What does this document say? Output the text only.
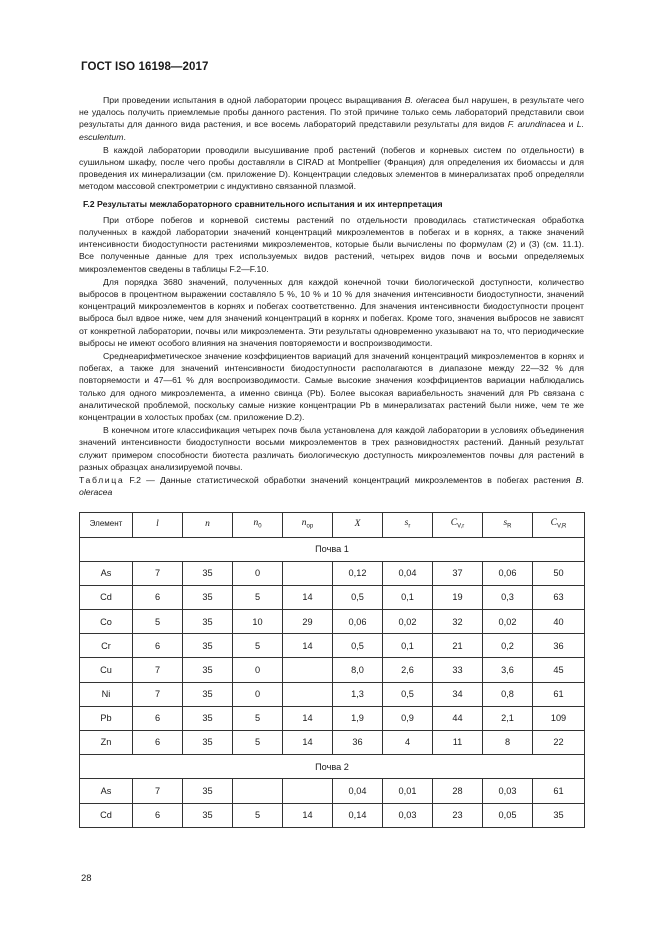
ГОСТ ISO 16198—2017

При проведении испытания в одной лаборатории процесс выращивания B. oleracea был нарушен, в результате чего не удалось получить приемлемые пробы данного растения. По этой причине только семь лабораторий представили свои результаты для данного вида растения, и все восемь лабораторий представили результаты для видов F. arundinacea и L. esculentum.

В каждой лаборатории проводили высушивание проб растений (побегов и корневых систем по отдельности) в сушильном шкафу, после чего пробы доставляли в CIRAD at Montpellier (Франция) для определения их биомассы и для проведения их минерализации (см. приложение D). Концентрации следовых элементов в минерализатах проб определяли методом массовой спектрометрии с индуктивно связанной плазмой.

F.2 Результаты межлабораторного сравнительного испытания и их интерпретация

При отборе побегов и корневой системы растений по отдельности проводилась статистическая обработка полученных в каждой лаборатории значений концентраций микроэлементов в побегах и в корнях, а также значений интенсивности биодоступности растениями микроэлементов, которые были вычислены по формулам (2) и (3) (см. 11.1). Все полученные данные для трех используемых видов растений, четырех видов почв и восьми определяемых микроэлементов сведены в таблицы F.2—F.10.

Для порядка 3680 значений, полученных для каждой конечной точки биологической доступности, количество выбросов в процентном выражении составляло 5 %, 10 % и 10 % для значения интенсивности биодоступности, значений концентраций микроэлементов в корнях и побегах соответственно. Для значения интенсивности биодоступности процент выброса был вдвое ниже, чем для значений концентраций в корнях и побегах. Кроме того, значения выбросов не зависят от конкретной лаборатории, почвы или микроэлемента. Эти результаты одновременно указывают на то, что периодические выбросы не имеют особого влияния на значения повторяемости и воспроизводимости.

Среднеарифметическое значение коэффициентов вариаций для значений концентраций микроэлементов в корнях и побегах, а также для значений интенсивности биодоступности располагаются в диапазоне между 22—32 % для повторяемости и 47—61 % для воспроизводимости. Самые высокие значения коэффициентов вариации наблюдались только для одного микроэлемента, а именно свинца (Pb). Более высокая вариабельность значений для Pb связана с аналитической проблемой, поскольку самые низкие концентрации Pb в минерализатах растений были ниже, чем те же концентрации в холостых пробах (см. приложение D.2).

В конечном итоге классификация четырех почв была установлена для каждой лаборатории в условиях объединения значений интенсивности биодоступности восьми микроэлементов в трех разновидностях растений. Данный результат служит примером способности биотеста различать биологическую доступность микроэлементов почвы для растений в разных образцах анализируемой почвы.

Таблица F.2 — Данные статистической обработки значений концентраций микроэлементов в побегах растения B. oleracea

Элемент	l	n	$n_0$	$n_{op}$	X	$s_r$	$C_{V,r}$	$s_R$	$C_{V,R}$
Почва 1									
As	7	35	0		0,12	0,04	37	0,06	50
Cd	6	35	5	14	0,5	0,1	19	0,3	63
Co	5	35	10	29	0,06	0,02	32	0,02	40
Cr	6	35	5	14	0,5	0,1	21	0,2	36
Cu	7	35	0		8,0	2,6	33	3,6	45
Ni	7	35	0		1,3	0,5	34	0,8	61
Pb	6	35	5	14	1,9	0,9	44	2,1	109
Zn	6	35	5	14	36	4	11	8	22
Почва 2									
As	7	35			0,04	0,01	28	0,03	61
Cd	6	35	5	14	0,14	0,03	23	0,05	35
28
